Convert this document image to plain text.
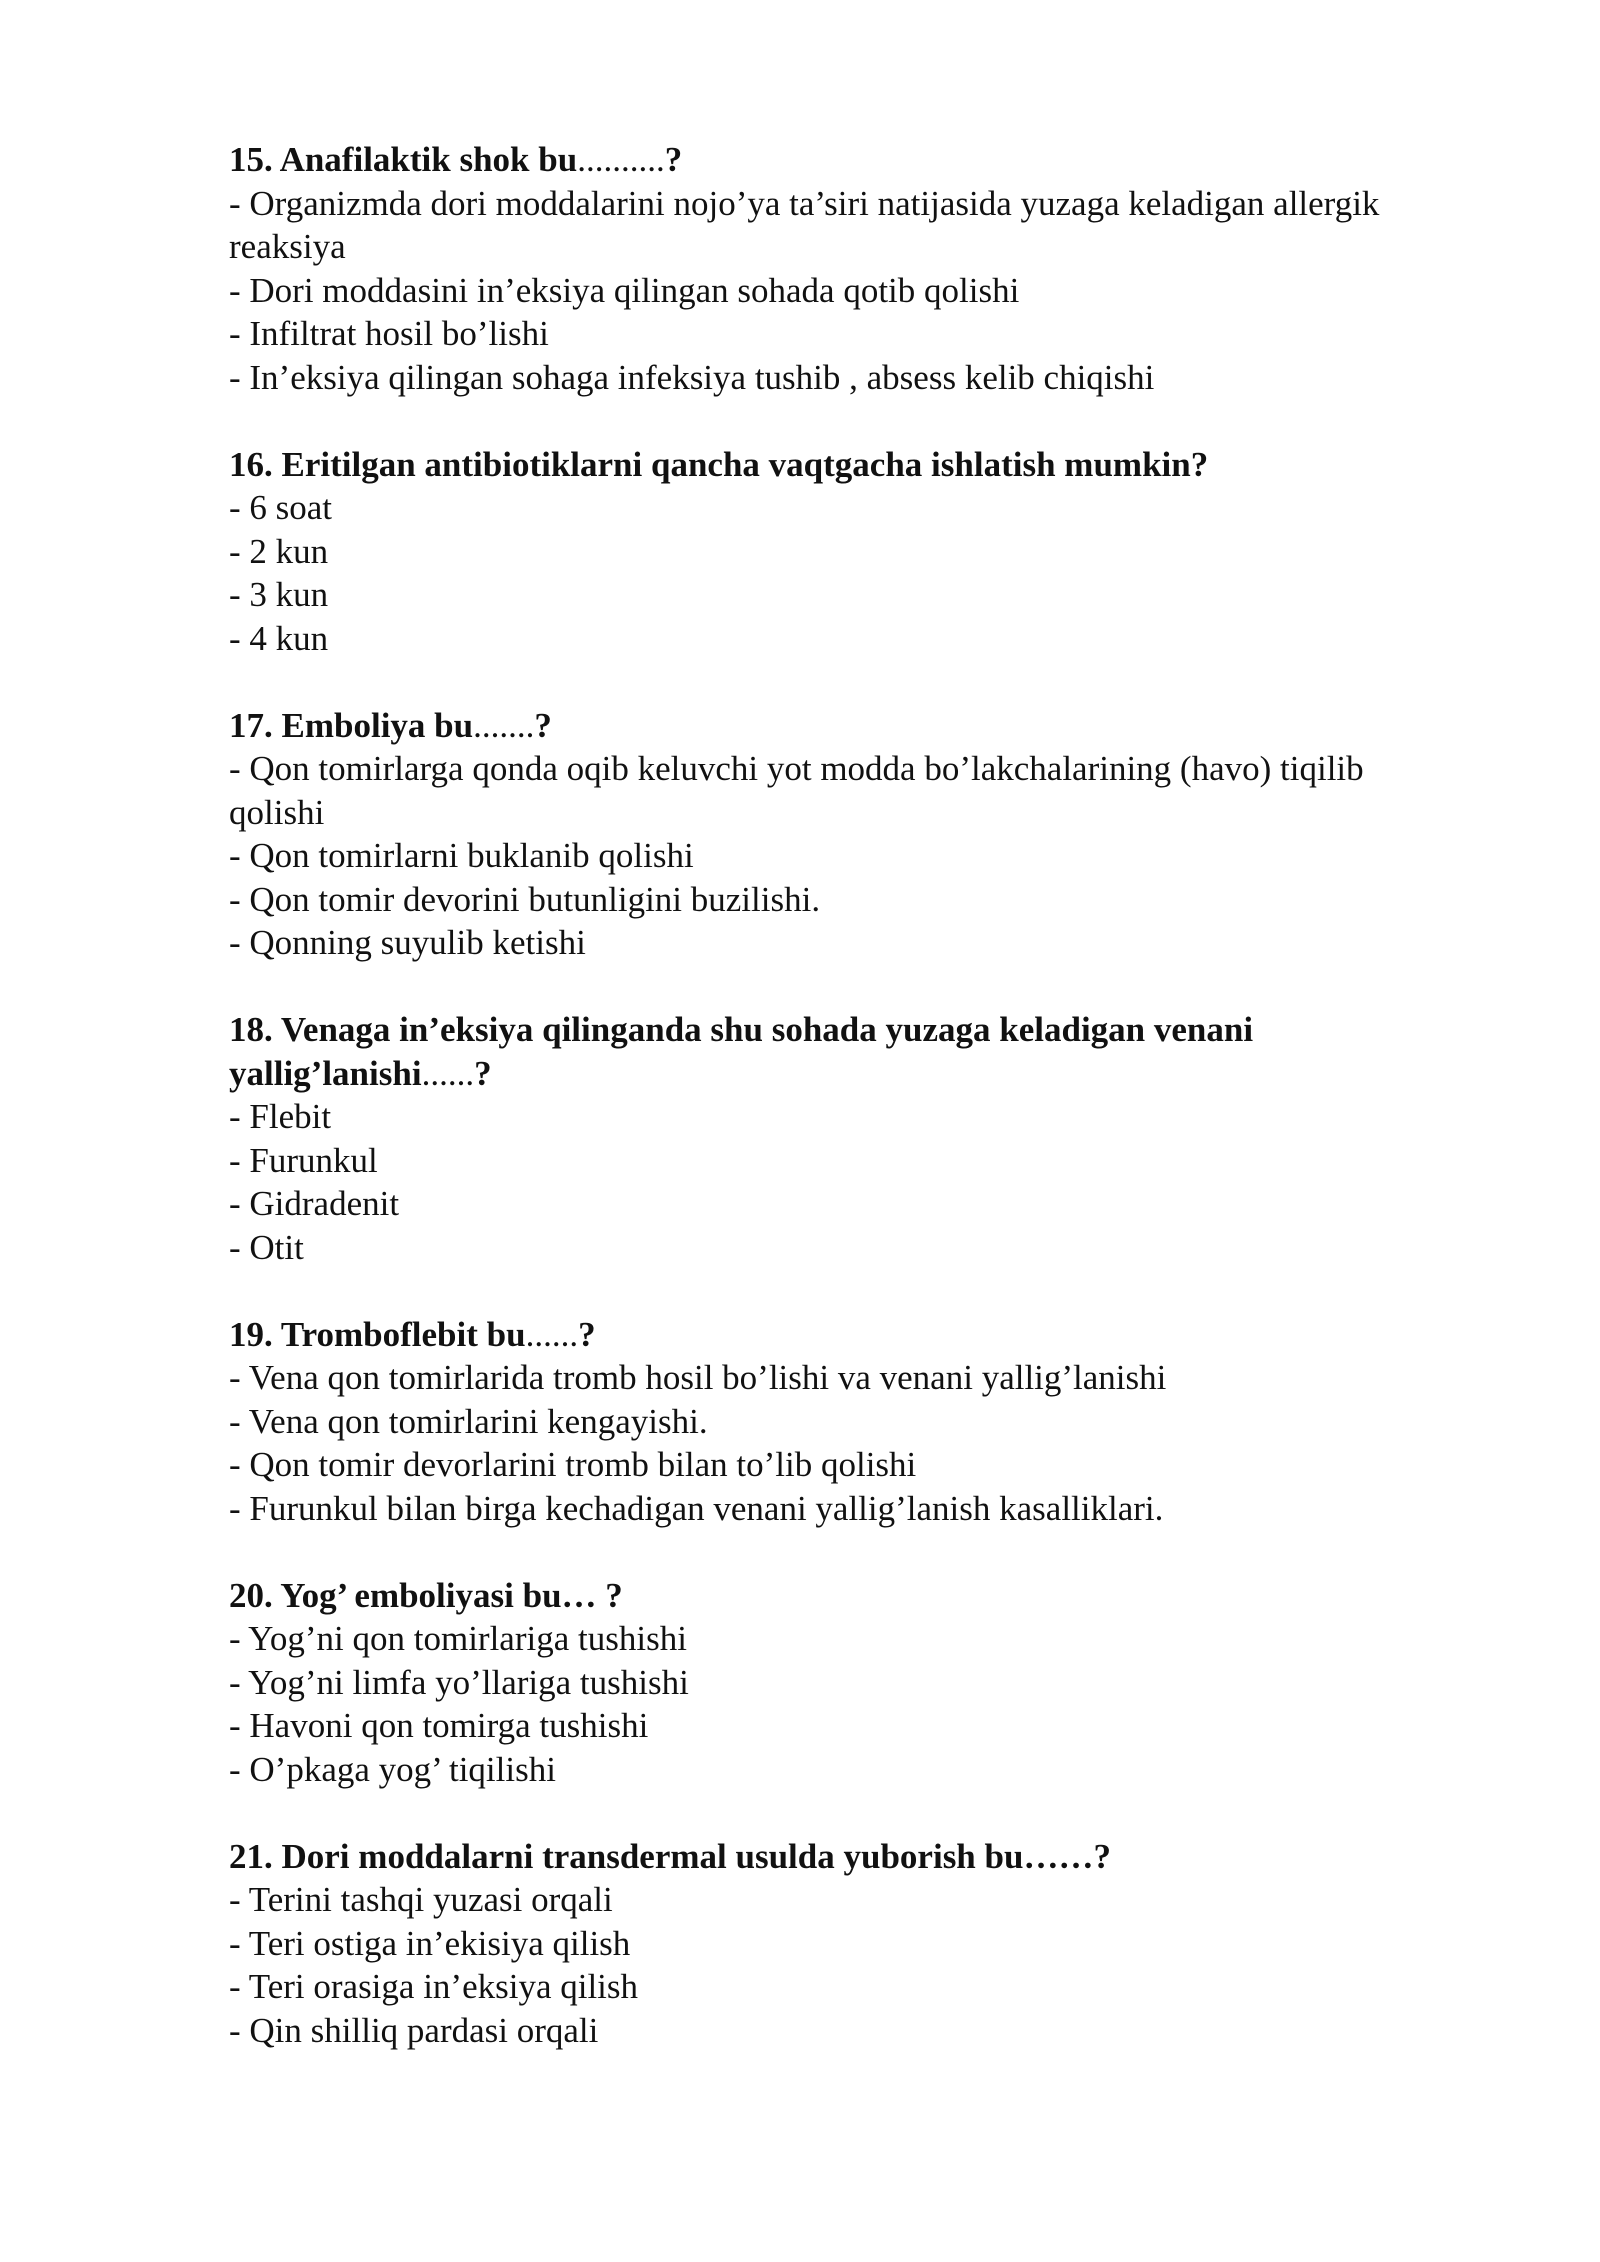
15. Anafilaktik shok bu..........?

- Organizmda dori moddalarini nojo’ya ta’siri natijasida yuzaga keladigan allergik reaksiya

- Dori moddasini in’eksiya qilingan sohada qotib qolishi

- Infiltrat hosil bo’lishi

- In’eksiya qilingan sohaga infeksiya tushib , absess kelib chiqishi

16. Eritilgan antibiotiklarni qancha vaqtgacha ishlatish mumkin?

- 6 soat

- 2 kun

- 3 kun

- 4 kun

17. Emboliya bu.......?

- Qon tomirlarga qonda oqib keluvchi yot modda bo’lakchalarining (havo) tiqilib qolishi

- Qon tomirlarni buklanib qolishi

- Qon tomir devorini butunligini buzilishi.

- Qonning suyulib ketishi

18. Venaga in’eksiya qilinganda shu sohada yuzaga keladigan venani yallig’lanishi......?

- Flebit

- Furunkul

- Gidradenit

- Otit

19. Tromboflebit bu......?

- Vena qon tomirlarida tromb hosil bo’lishi va venani yallig’lanishi

- Vena qon tomirlarini kengayishi.

- Qon tomir devorlarini tromb bilan to’lib qolishi

- Furunkul bilan birga kechadigan venani yallig’lanish kasalliklari.

20. Yog’ emboliyasi bu… ?

- Yog’ni qon tomirlariga tushishi

- Yog’ni limfa yo’llariga tushishi

- Havoni qon tomirga tushishi

- O’pkaga yog’ tiqilishi

21. Dori moddalarni transdermal usulda yuborish bu……?

- Terini tashqi yuzasi orqali

- Teri ostiga in’ekisiya qilish

- Teri orasiga in’eksiya qilish

- Qin shilliq pardasi orqali
